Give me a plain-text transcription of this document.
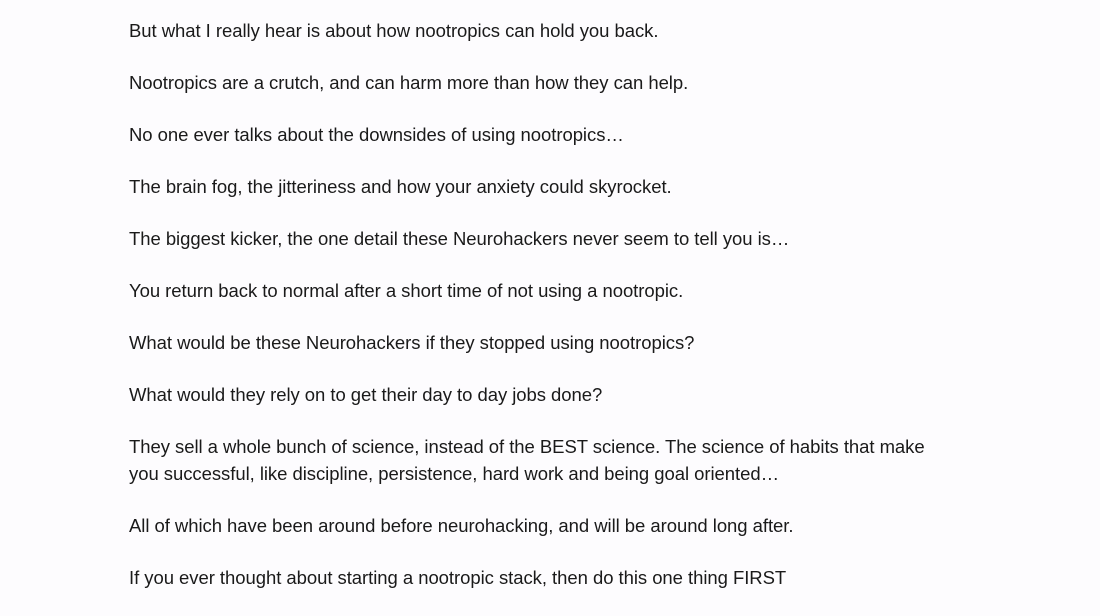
But what I really hear is about how nootropics can hold you back.

Nootropics are a crutch, and can harm more than how they can help.

No one ever talks about the downsides of using nootropics…

The brain fog, the jitteriness and how your anxiety could skyrocket.

The biggest kicker, the one detail these Neurohackers never seem to tell you is…

You return back to normal after a short time of not using a nootropic.

What would be these Neurohackers if they stopped using nootropics?

What would they rely on to get their day to day jobs done?

They sell a whole bunch of science, instead of the BEST science. The science of habits that make you successful, like discipline, persistence, hard work and being goal oriented…

All of which have been around before neurohacking, and will be around long after.

If you ever thought about starting a nootropic stack, then do this one thing FIRST
